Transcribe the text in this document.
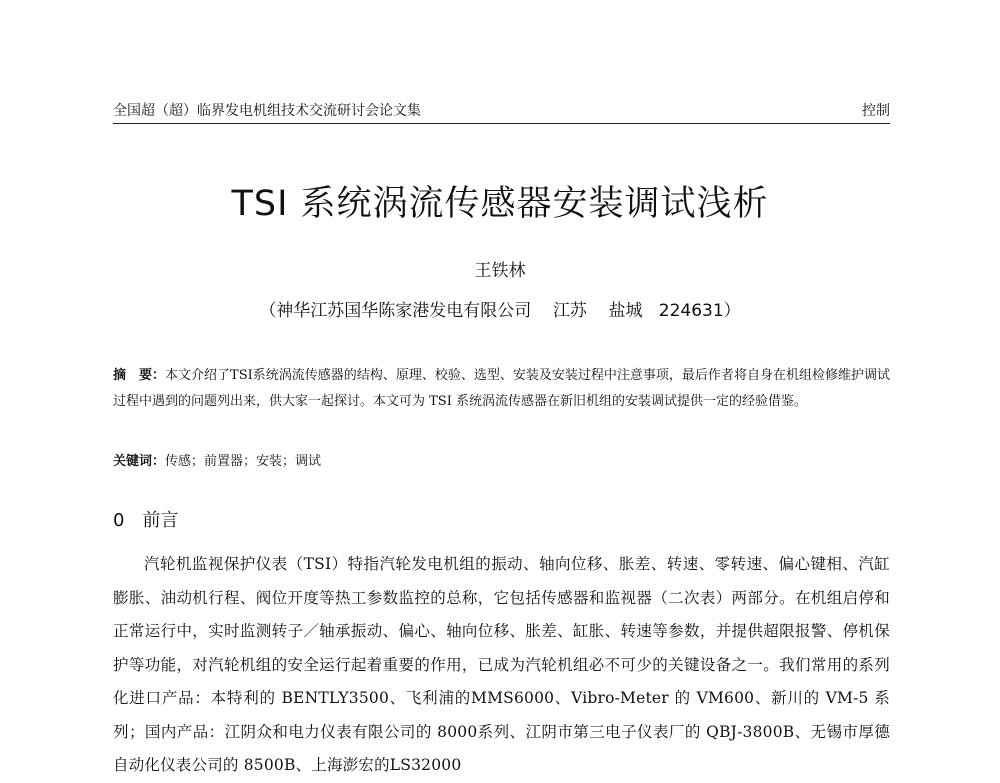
全国超（超）临界发电机组技术交流研讨会论文集	控制
TSI 系统涡流传感器安装调试浅析
王铁林
（神华江苏国华陈家港发电有限公司 江苏 盐城 224631）
摘　要：本文介绍了TSI系统涡流传感器的结构、原理、校验、选型、安装及安装过程中注意事项，最后作者将自身在机组检修维护调试过程中遇到的问题列出来，供大家一起探讨。本文可为 TSI 系统涡流传感器在新旧机组的安装调试提供一定的经验借鉴。
关键词：传感；前置器；安装；调试
0 前言
汽轮机监视保护仪表（TSI）特指汽轮发电机组的振动、轴向位移、胀差、转速、零转速、偏心键相、汽缸膨胀、油动机行程、阀位开度等热工参数监控的总称，它包括传感器和监视器（二次表）两部分。在机组启停和正常运行中，实时监测转子／轴承振动、偏心、轴向位移、胀差、缸胀、转速等参数，并提供超限报警、停机保护等功能，对汽轮机组的安全运行起着重要的作用，已成为汽轮机组必不可少的关键设备之一。我们常用的系列化进口产品：本特利的 BENTLY3500、飞利浦的MMS6000、Vibro-Meter 的 VM600、新川的 VM-5 系列；国内产品：江阴众和电力仪表有限公司的 8000系列、江阴市第三电子仪表厂的 QBJ-3800B、无锡市厚德自动化仪表公司的 8500B、上海澎宏的LS32000
